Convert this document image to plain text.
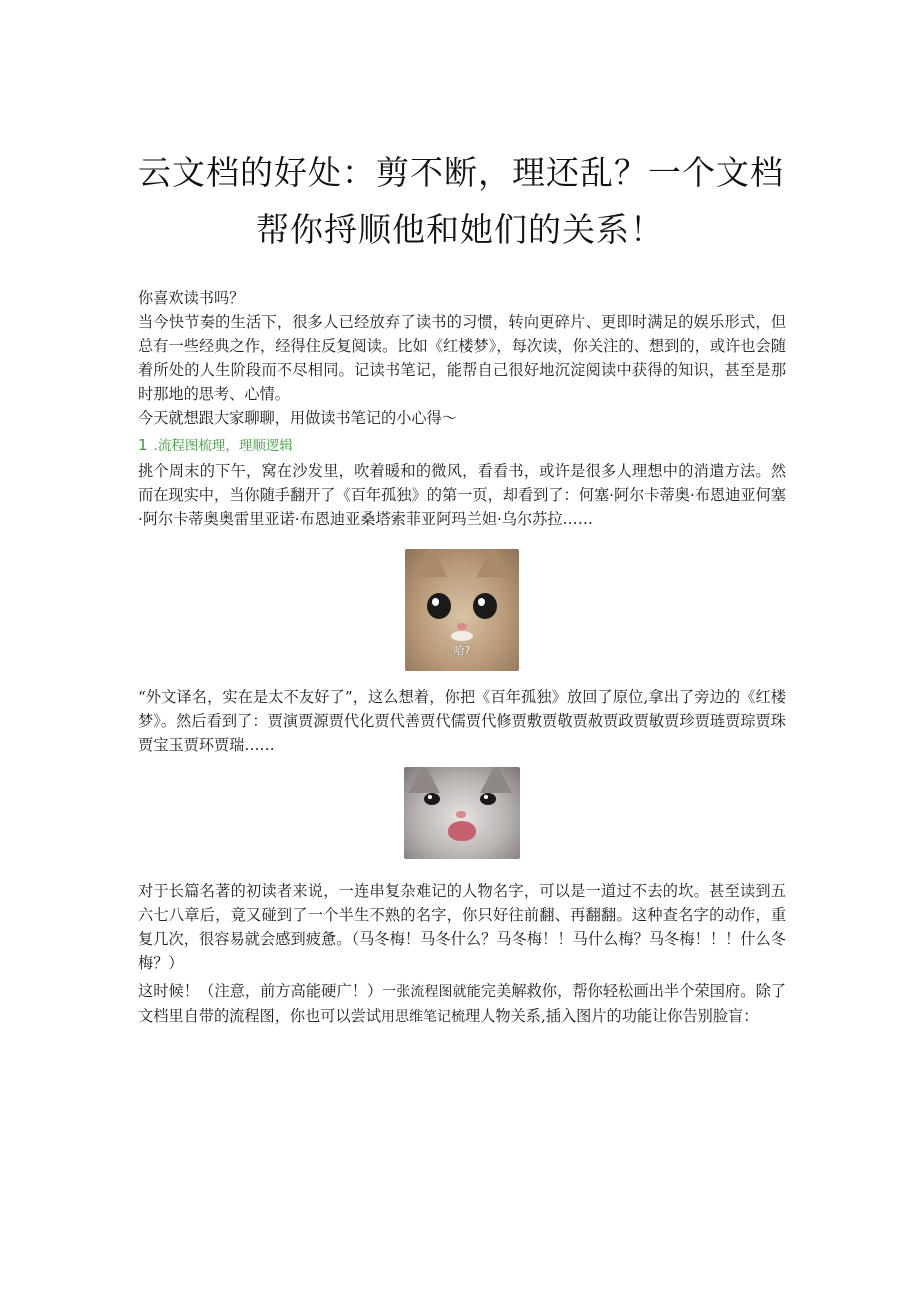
云文档的好处：剪不断，理还乱？一个文档
帮你捋顺他和她们的关系！

你喜欢读书吗？

当今快节奏的生活下，很多人已经放弃了读书的习惯，转向更碎片、更即时满足的娱乐形式，但总有一些经典之作，经得住反复阅读。比如《红楼梦》，每次读，你关注的、想到的，或许也会随着所处的人生阶段而不尽相同。记读书笔记，能帮自己很好地沉淀阅读中获得的知识，甚至是那时那地的思考、心情。

今天就想跟大家聊聊，用做读书笔记的小心得～

1 .流程图梳理，理顺逻辑

挑个周末的下午，窝在沙发里，吹着暖和的微风，看看书，或许是很多人理想中的消遣方法。然而在现实中，当你随手翻开了《百年孤独》的第一页，却看到了：何塞·阿尔卡蒂奥·布恩迪亚何塞·阿尔卡蒂奥奥雷里亚诺·布恩迪亚桑塔索菲亚阿玛兰妲·乌尔苏拉……

哈?

“外文译名，实在是太不友好了”，这么想着，你把《百年孤独》放回了原位,拿出了旁边的《红楼梦》。然后看到了：贾演贾源贾代化贾代善贾代儒贾代修贾敷贾敬贾赦贾政贾敏贾珍贾琏贾琮贾珠贾宝玉贾环贾瑞……

对于长篇名著的初读者来说，一连串复杂难记的人物名字，可以是一道过不去的坎。甚至读到五六七八章后，竟又碰到了一个半生不熟的名字，你只好往前翻、再翻翻。这种查名字的动作，重复几次，很容易就会感到疲惫。（马冬梅！马冬什么？马冬梅！！马什么梅？马冬梅！！！什么冬梅？）

这时候！（注意，前方高能硬广！）一张流程图就能完美解救你，帮你轻松画出半个荣国府。除了文档里自带的流程图，你也可以尝试用思维笔记梳理人物关系,插入图片的功能让你告别脸盲：
